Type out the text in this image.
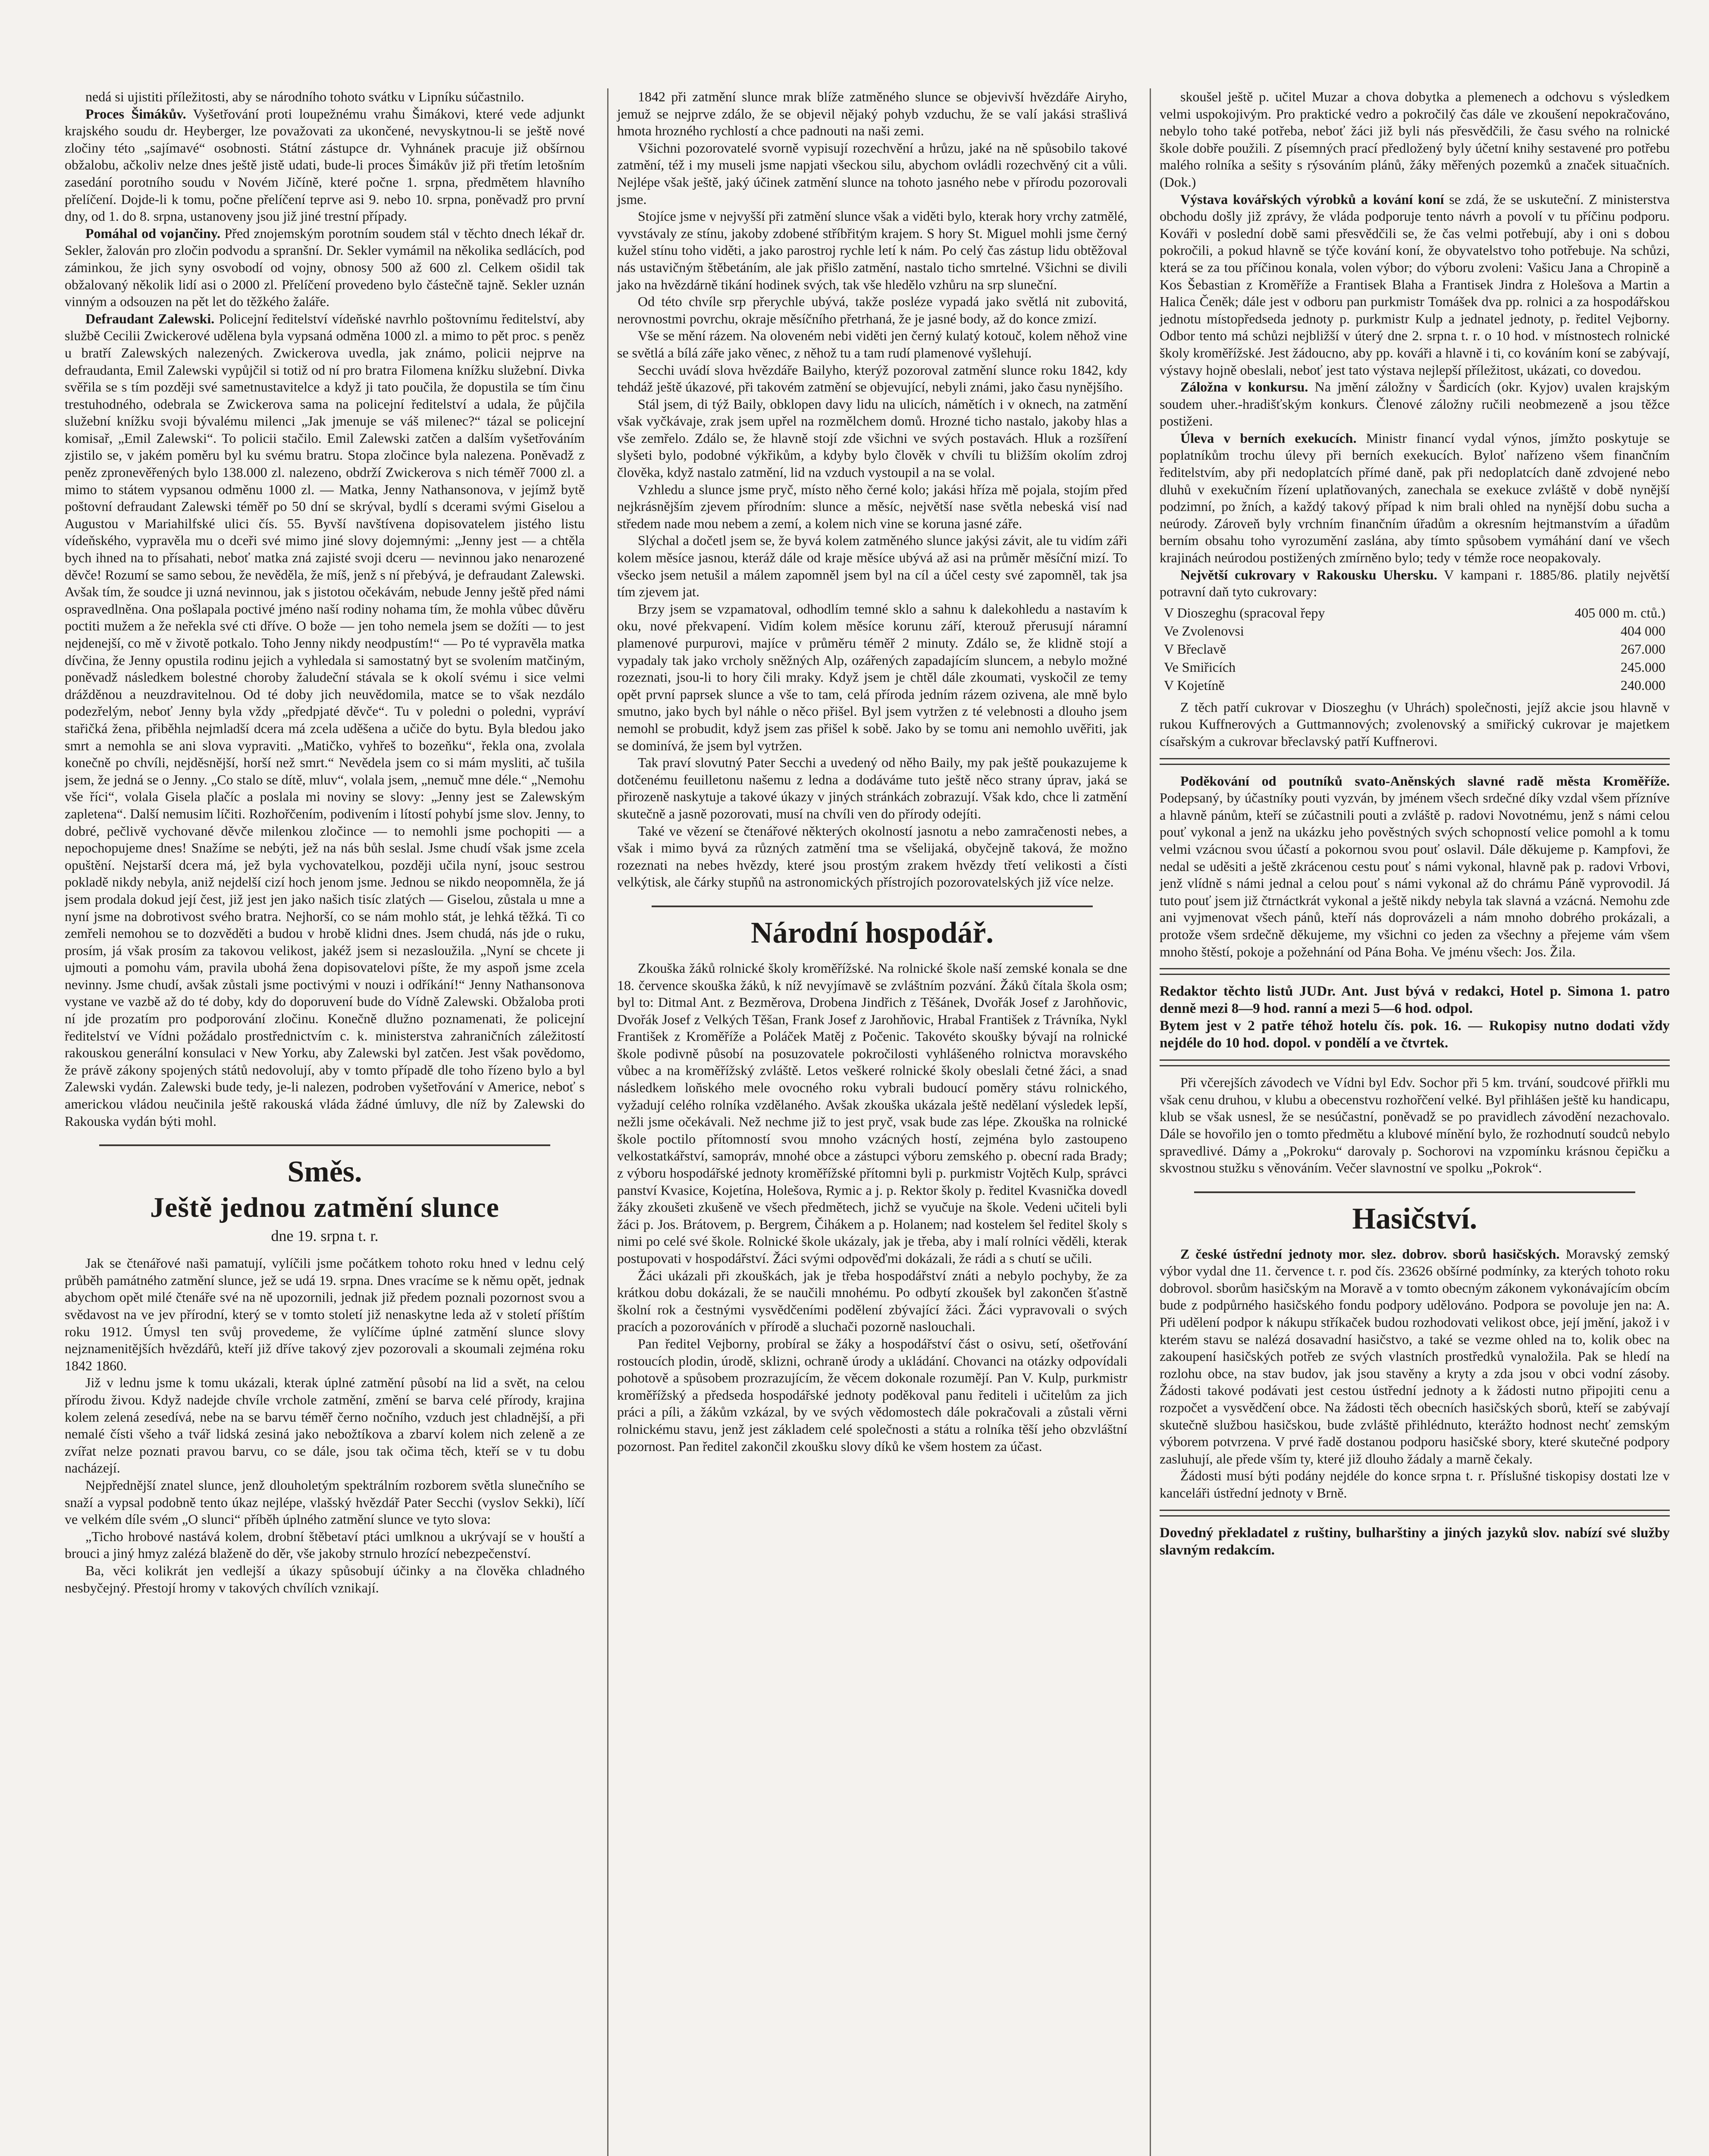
nedá si ujistiti příležitosti, aby se národního tohoto svátku v Lipníku súčastnilo.

Proces Šimákův. Vyšetřování proti loupežnému vrahu Šimákovi, které vede adjunkt krajského soudu dr. Heyberger, lze považovati za ukončené, nevyskytnou-li se ještě nové zločiny této „sajímavé“ osobnosti. Státní zástupce dr. Vyhnánek pracuje již obšírnou obžalobu, ačkoliv nelze dnes ještě jistě udati, bude-li proces Šimákův již při třetím letošním zasedání porotního soudu v Novém Jičíně, které počne 1. srpna, předmětem hlavního přelíčení. Dojde-li k tomu, počne přelíčení teprve asi 9. nebo 10. srpna, poněvadž pro první dny, od 1. do 8. srpna, ustanoveny jsou již jiné trestní případy.

Pomáhal od vojančiny. Před znojemským porotním soudem stál v těchto dnech lékař dr. Sekler, žalován pro zločin podvodu a spranšní. Dr. Sekler vymámil na několika sedlácích, pod záminkou, že jich syny osvobodí od vojny, obnosy 500 až 600 zl. Celkem ošidil tak obžalovaný několik lidí asi o 2000 zl. Přelíčení provedeno bylo částečně tajně. Sekler uznán vinným a odsouzen na pět let do těžkého žaláře.

Defraudant Zalewski. Policejní ředitelství vídeňské navrhlo poštovnímu ředitelství, aby službě Cecilii Zwickerové udělena byla vypsaná odměna 1000 zl. a mimo to pět proc. s peněz u bratří Zalewských nalezených. Zwickerova uvedla, jak známo, policii nejprve na defraudanta, Emil Zalewski vypůjčil si totiž od ní pro bratra Filomena knížku služební. Divka svěřila se s tím později své sametnustavitelce a když ji tato poučila, že dopustila se tím činu trestuhodného, odebrala se Zwickerova sama na policejní ředitelství a udala, že půjčila služební knížku svoji bývalému milenci „Jak jmenuje se váš milenec?“ tázal se policejní komisař, „Emil Zalewski“. To policii stačilo. Emil Zalewski zatčen a dalším vyšetřováním zjistilo se, v jakém poměru byl ku svému bratru. Stopa zločince byla nalezena. Poněvadž z peněz zpronevěřených bylo 138.000 zl. nalezeno, obdrží Zwickerova s nich téměř 7000 zl. a mimo to státem vypsanou odměnu 1000 zl. — Matka, Jenny Nathansonova, v jejímž bytě poštovní defraudant Zalewski téměř po 50 dní se skrýval, bydlí s dcerami svými Giselou a Augustou v Mariahilfské ulici čís. 55. Byvší navštívena dopisovatelem jistého listu vídeňského, vypravěla mu o dceři své mimo jiné slovy dojemnými: „Jenny jest — a chtěla bych ihned na to přísahati, neboť matka zná zajisté svoji dceru — nevinnou jako nenarozené děvče! Rozumí se samo sebou, že nevěděla, že míš, jenž s ní přebývá, je defraudant Zalewski. Avšak tím, že soudce ji uzná nevinnou, jak s jistotou očekávám, nebude Jenny ještě před námi ospravedlněna. Ona pošlapala poctivé jméno naší rodiny nohama tím, že mohla vůbec důvěru poctiti mužem a že neřekla své cti dříve. O bože — jen toho nemela jsem se dožíti — to jest nejdenejší, co mě v životě potkalo. Toho Jenny nikdy neodpustím!“ — Po té vypravěla matka dívčina, že Jenny opustila rodinu jejich a vyhledala si samostatný byt se svolením matčiným, poněvadž následkem bolestné choroby žaludeční stávala se k okolí svému i sice velmi drážděnou a neuzdravitelnou. Od té doby jich neuvědomila, matce se to však nezdálo podezřelým, neboť Jenny byla vždy „předpjaté děvče“. Tu v poledni o poledni, vypráví stařičká žena, přiběhla nejmladší dcera má zcela uděšena a učiče do bytu. Byla bledou jako smrt a nemohla se ani slova vypraviti. „Matičko, vyhřeš to bozeňku“, řekla ona, zvolala konečně po chvíli, nejděsnější, horší než smrt.“ Nevědela jsem co si mám mysliti, ač tušila jsem, že jedná se o Jenny. „Co stalo se dítě, mluv“, volala jsem, „nemuč mne déle.“ „Nemohu vše říci“, volala Gisela plačíc a poslala mi noviny se slovy: „Jenny jest se Zalewským zapletena“. Další nemusim líčiti. Rozhořčením, podivením i lítostí pohybí jsme slov. Jenny, to dobré, pečlivě vychované děvče milenkou zločince — to nemohli jsme pochopiti — a nepochopujeme dnes! Snažíme se nebýti, jež na nás bůh seslal. Jsme chudí však jsme zcela opuštění. Nejstarší dcera má, jež byla vychovatelkou, později učila nyní, jsouc sestrou pokladě nikdy nebyla, aniž nejdelší cizí hoch jenom jsme. Jednou se nikdo neopomněla, že já jsem prodala dokud její čest, již jest jen jako našich tisíc zlatých — Giselou, zůstala u mne a nyní jsme na dobrotivost svého bratra. Nejhorší, co se nám mohlo stát, je lehká těžká. Ti co zemřeli nemohou se to dozvěděti a budou v hrobě klidni dnes. Jsem chudá, nás jde o ruku, prosím, já však prosím za takovou velikost, jakéž jsem si nezasloužila. „Nyní se chcete ji ujmouti a pomohu vám, pravila ubohá žena dopisovatelovi píšte, že my aspoň jsme zcela nevinny. Jsme chudí, avšak zůstali jsme poctivými v nouzi i odříkání!“ Jenny Nathansonova vystane ve vazbě až do té doby, kdy do doporuvení bude do Vídně Zalewski. Obžaloba proti ní jde prozatím pro podporování zločinu. Konečně dlužno poznamenati, že policejní ředitelství ve Vídni požádalo prostřednictvím c. k. ministerstva zahraničních záležitostí rakouskou generální konsulaci v New Yorku, aby Zalewski byl zatčen. Jest však povědomo, že právě zákony spojených států nedovolují, aby v tomto případě dle toho řízeno bylo a byl Zalewski vydán. Zalewski bude tedy, je-li nalezen, podroben vyšetřování v Americe, neboť s americkou vládou neučinila ještě rakouská vláda žádné úmluvy, dle níž by Zalewski do Rakouska vydán býti mohl.

Směs.
Ještě jednou zatmění slunce
dne 19. srpna t. r.

Jak se čtenářové naši pamatují, vylíčili jsme počátkem tohoto roku hned v lednu celý průběh památného zatmění slunce, jež se udá 19. srpna. Dnes vracíme se k němu opět, jednak abychom opět milé čtenáře své na ně upozornili, jednak již předem poznali pozornost svou a svědavost na ve jev přírodní, který se v tomto století již nenaskytne leda až v století příštím roku 1912. Úmysl ten svůj provedeme, že vylíčíme úplné zatmění slunce slovy nejznamenitějších hvězdářů, kteří již dříve takový zjev pozorovali a skoumali zejména roku 1842 1860.

Již v lednu jsme k tomu ukázali, kterak úplné zatmění působí na lid a svět, na celou přírodu živou. Když nadejde chvíle vrchole zatmění, změní se barva celé přírody, krajina kolem zelená zesedívá, nebe na se barvu téměř černo nočního, vzduch jest chladnější, a při nemalé čísti všeho a tvář lidská zesiná jako nebožtíkova a zbarví kolem nich zeleně a ze zvířat nelze poznati pravou barvu, co se dále, jsou tak očima těch, kteří se v tu dobu nacházejí.

Nejpřednější znatel slunce, jenž dlouholetým spektrálním rozborem světla slunečního se snaží a vypsal podobně tento úkaz nejlépe, vlašský hvězdář Pater Secchi (vyslov Sekki), líčí ve velkém díle svém „O slunci“ příběh úplného zatmění slunce ve tyto slova:

„Ticho hrobové nastává kolem, drobní štěbetaví ptáci umlknou a ukrývají se v houští a brouci a jiný hmyz zalézá blaženě do děr, vše jakoby strnulo hrozící nebezpečenství.

Ba, věci kolikrát jen vedlejší a úkazy spůsobují účinky a na člověka chladného nesbyčejný. Přestojí hromy v takových chvílích vznikají.

1842 při zatmění slunce mrak blíže zatměného slunce se objevivší hvězdáře Airyho, jemuž se nejprve zdálo, že se objevil nějaký pohyb vzduchu, že se valí jakási strašlivá hmota hrozného rychlostí a chce padnouti na naši zemi.

Všichni pozorovatelé svorně vypisují rozechvění a hrůzu, jaké na ně spůsobilo takové zatmění, též i my museli jsme napjati všeckou silu, abychom ovládli rozechvěný cit a vůli. Nejlépe však ještě, jaký účinek zatmění slunce na tohoto jasného nebe v přírodu pozorovali jsme.

Stojíce jsme v nejvyšší při zatmění slunce však a viděti bylo, kterak hory vrchy zatmělé, vyvstávaly ze stínu, jakoby zdobené stříbřitým krajem. S hory St. Miguel mohli jsme černý kužel stínu toho viděti, a jako parostroj rychle letí k nám. Po celý čas zástup lidu obtěžoval nás ustavičným štěbetáním, ale jak přišlo zatmění, nastalo ticho smrtelné. Všichni se divili jako na hvězdárně tikání hodinek svých, tak vše hledělo vzhůru na srp sluneční.

Od této chvíle srp přerychle ubývá, takže posléze vypadá jako světlá nit zubovitá, nerovnostmi povrchu, okraje měsíčního přetrhaná, že je jasné body, až do konce zmizí.

Vše se mění rázem. Na oloveném nebi viděti jen černý kulatý kotouč, kolem něhož vine se světlá a bílá záře jako věnec, z něhož tu a tam rudí plamenové vyšlehují.

Secchi uvádí slova hvězdáře Bailyho, kterýž pozoroval zatmění slunce roku 1842, kdy tehdáž ještě úkazové, při takovém zatmění se objevující, nebyli známi, jako času nynějšího.

Stál jsem, di týž Baily, obklopen davy lidu na ulicích, námětích i v oknech, na zatmění však vyčkávaje, zrak jsem upřel na rozmělchem domů. Hrozné ticho nastalo, jakoby hlas a vše zemřelo. Zdálo se, že hlavně stojí zde všichni ve svých postavách. Hluk a rozšíření slyšeti bylo, podobné výkřikům, a kdyby bylo člověk v chvíli tu bližším okolím zdroj člověka, když nastalo zatmění, lid na vzduch vystoupil a na se volal.

Vzhledu a slunce jsme pryč, místo něho černé kolo; jakási hříza mě pojala, stojím před nejkrásnějším zjevem přírodním: slunce a měsíc, největší nase světla nebeská visí nad středem nade mou nebem a zemí, a kolem nich vine se koruna jasné záře.

Slýchal a dočetl jsem se, že byvá kolem zatměného slunce jakýsi závit, ale tu vidím záři kolem měsíce jasnou, kteráž dále od kraje měsíce ubývá až asi na průměr měsíční mizí. To všecko jsem netušil a málem zapomněl jsem byl na cíl a účel cesty své zapomněl, tak jsa tím zjevem jat.

Brzy jsem se vzpamatoval, odhodlím temné sklo a sahnu k dalekohledu a nastavím k oku, nové překvapení. Vidím kolem měsíce korunu září, kterouž přerusují náramní plamenové purpurovi, majíce v průměru téměř 2 minuty. Zdálo se, že klidně stojí a vypadaly tak jako vrcholy sněžných Alp, ozářených zapadajícím sluncem, a nebylo možné rozeznati, jsou-li to hory čili mraky. Když jsem je chtěl dále zkoumati, vyskočil ze temy opět první paprsek slunce a vše to tam, celá příroda jedním rázem ozivena, ale mně bylo smutno, jako bych byl náhle o něco přišel. Byl jsem vytržen z té velebnosti a dlouho jsem nemohl se probudit, když jsem zas přišel k sobě. Jako by se tomu ani nemohlo uvěřiti, jak se dominívá, že jsem byl vytržen.

Tak praví slovutný Pater Secchi a uvedený od něho Baily, my pak ještě poukazujeme k dotčenému feuilletonu našemu z ledna a dodáváme tuto ještě něco strany úprav, jaká se přirozeně naskytuje a takové úkazy v jiných stránkách zobrazují. Však kdo, chce li zatmění skutečně a jasně pozorovati, musí na chvíli ven do přírody odejíti.

Také ve vězení se čtenářové některých okolností jasnotu a nebo zamračenosti nebes, a však i mimo byvá za různých zatmění tma se všelijaká, obyčejně taková, že možno rozeznati na nebes hvězdy, které jsou prostým zrakem hvězdy třetí velikosti a čísti velkýtisk, ale čárky stupňů na astronomických přístrojích pozorovatelských již více nelze.

Národní hospodář.

Zkouška žáků rolnické školy kroměřížské. Na rolnické škole naší zemské konala se dne 18. července skouška žáků, k níž nevyjímavě se zvláštním pozvání. Žáků čítala škola osm; byl to: Ditmal Ant. z Bezměrova, Drobena Jindřich z Těšánek, Dvořák Josef z Jarohňovic, Dvořák Josef z Velkých Těšan, Frank Josef z Jarohňovic, Hrabal František z Trávníka, Nykl František z Kroměříže a Poláček Matěj z Počenic. Takovéto skoušky bývají na rolnické škole podivně působí na posuzovatele pokročilosti vyhlášeného rolnictva moravského vůbec a na kroměřížský zvláště. Letos veškeré rolnické školy obeslali četné žáci, a snad následkem loňského mele ovocného roku vybrali budoucí poměry stávu rolnického, vyžadují celého rolníka vzdělaného. Avšak zkouška ukázala ještě nedělaní výsledek lepší, nežli jsme očekávali. Než nechme již to jest pryč, vsak bude zas lépe. Zkouška na rolnické škole poctilo přítomností svou mnoho vzácných hostí, zejména bylo zastoupeno velkostatkářství, samopráv, mnohé obce a zástupci výboru zemského p. obecní rada Brady; z výboru hospodářské jednoty kroměřížské přítomni byli p. purkmistr Vojtěch Kulp, správci panství Kvasice, Kojetína, Holešova, Rymic a j. p. Rektor školy p. ředitel Kvasnička dovedl žáky zkoušeti zkušeně ve všech předmětech, jichž se vyučuje na škole. Vedeni učiteli byli žáci p. Jos. Brátovem, p. Bergrem, Čihákem a p. Holanem; nad kostelem šel ředitel školy s nimi po celé své škole. Rolnické škole ukázaly, jak je třeba, aby i malí rolníci věděli, kterak postupovati v hospodářství. Žáci svými odpověďmi dokázali, že rádi a s chutí se učili.

Žáci ukázali při zkouškách, jak je třeba hospodářství znáti a nebylo pochyby, že za krátkou dobu dokázali, že se naučili mnohému. Po odbytí zkoušek byl zakončen šťastně školní rok a čestnými vysvědčeními podělení zbývající žáci. Žáci vypravovali o svých pracích a pozorováních v přírodě a sluchači pozorně naslouchali.

Pan ředitel Vejborny, probíral se žáky a hospodářství část o osivu, setí, ošetřování rostoucích plodin, úrodě, sklizni, ochraně úrody a ukládání. Chovanci na otázky odpovídali pohotově a spůsobem prozrazujícím, že věcem dokonale rozumějí. Pan V. Kulp, purkmistr kroměřížský a předseda hospodářské jednoty poděkoval panu řediteli i učitelům za jich práci a píli, a žákům vzkázal, by ve svých vědomostech dále pokračovali a zůstali věrni rolnickému stavu, jenž jest základem celé společnosti a státu a rolníka těší jeho obzvláštní pozornost. Pan ředitel zakončil zkoušku slovy díků ke všem hostem za účast.

skoušel ještě p. učitel Muzar a chova dobytka a plemenech a odchovu s výsledkem velmi uspokojivým. Pro praktické vedro a pokročilý čas dále ve zkoušení nepokračováno, nebylo toho také potřeba, neboť žáci již byli nás přesvědčili, že času svého na rolnické škole dobře použili. Z písemných prací předložený byly účetní knihy sestavené pro potřebu malého rolníka a sešity s rýsováním plánů, žáky měřených pozemků a značek situačních. (Dok.)

Výstava kovářských výrobků a kování koní se zdá, že se uskuteční. Z ministerstva obchodu došly již zprávy, že vláda podporuje tento návrh a povolí v tu příčinu podporu. Kováři v poslední době sami přesvědčili se, že čas velmi potřebují, aby i oni s dobou pokročili, a pokud hlavně se týče kování koní, že obyvatelstvo toho potřebuje. Na schůzi, která se za tou příčinou konala, volen výbor; do výboru zvoleni: Vašicu Jana a Chropině a Kos Šebastian z Kroměříže a Frantisek Blaha a Frantisek Jindra z Holešova a Martin a Halica Čeněk; dále jest v odboru pan purkmistr Tomášek dva pp. rolnici a za hospodářskou jednotu místopředseda jednoty p. purkmistr Kulp a jednatel jednoty, p. ředitel Vejborny. Odbor tento má schůzi nejbližší v úterý dne 2. srpna t. r. o 10 hod. v místnostech rolnické školy kroměřížské. Jest žádoucno, aby pp. kováři a hlavně i ti, co kováním koní se zabývají, výstavy hojně obeslali, neboť jest tato výstava nejlepší příležitost, ukázati, co dovedou.

Záložna v konkursu. Na jmění záložny v Šardicích (okr. Kyjov) uvalen krajským soudem uher.-hradišťským konkurs. Členové záložny ručili neobmezeně a jsou těžce postiženi.

Úleva v berních exekucích. Ministr financí vydal výnos, jímžto poskytuje se poplatníkům trochu úlevy při berních exekucích. Byloť nařízeno všem finančním ředitelstvím, aby při nedoplatcích přímé daně, pak při nedoplatcích daně zdvojené nebo dluhů v exekučním řízení uplatňovaných, zanechala se exekuce zvláště v době nynější podzimní, po žních, a každý takový případ k nim brali ohled na nynější dobu sucha a neúrody. Zároveň byly vrchním finančním úřadům a okresním hejtmanstvím a úřadům berním obsahu toho vyrozumění zaslána, aby tímto spůsobem vymáhání daní ve všech krajinách neúrodou postižených zmírněno bylo; tedy v témže roce neopakovaly.

Největší cukrovary v Rakousku Uhersku. V kampani r. 1885/86. platily největší potravní daň tyto cukrovary:

V Dioszeghu (spracoval řepy	405 000 m. ctů.)
Ve Zvolenovsi	404 000
V Břeclavě	267.000
Ve Smiřicích	245.000
V Kojetíně	240.000

Z těch patří cukrovar v Dioszeghu (v Uhrách) společnosti, jejíž akcie jsou hlavně v rukou Kuffnerových a Guttmannových; zvolenovský a smiřický cukrovar je majetkem císařským a cukrovar břeclavský patří Kuffnerovi.

Poděkování od poutníků svato-Aněnských slavné radě města Kroměříže. Podepsaný, by účastníky pouti vyzván, by jménem všech srdečné díky vzdal všem přízníve a hlavně pánům, kteří se zúčastnili pouti a zvláště p. radovi Novotnému, jenž s námi celou pouť vykonal a jenž na ukázku jeho pověstných svých schopností velice pomohl a k tomu velmi vzácnou svou účastí a pokornou svou pouť oslavil. Dále děkujeme p. Kampfovi, že nedal se uděsiti a ještě zkrácenou cestu pouť s námi vykonal, hlavně pak p. radovi Vrbovi, jenž vlídně s námi jednal a celou pouť s námi vykonal až do chrámu Páně vyprovodil. Já tuto pouť jsem již čtrnáctkrát vykonal a ještě nikdy nebyla tak slavná a vzácná. Nemohu zde ani vyjmenovat všech pánů, kteří nás doprovázeli a nám mnoho dobrého prokázali, a protože všem srdečně děkujeme, my všichni co jeden za všechny a přejeme vám všem mnoho štěstí, pokoje a požehnání od Pána Boha. Ve jménu všech: Jos. Žila.

Redaktor těchto listů JUDr. Ant. Just bývá v redakci, Hotel p. Simona 1. patro denně mezi 8—9 hod. ranní a mezi 5—6 hod. odpol.

Bytem jest v 2 patře téhož hotelu čís. pok. 16. — Rukopisy nutno dodati vždy nejdéle do 10 hod. dopol. v pondělí a ve čtvrtek.

Při včerejších závodech ve Vídni byl Edv. Sochor při 5 km. trvání, soudcové přiřkli mu však cenu druhou, v klubu a obecenstvu rozhořčení velké. Byl přihlášen ještě ku handicapu, klub se však usnesl, že se nesúčastní, poněvadž se po pravidlech závodění nezachovalo. Dále se hovořilo jen o tomto předmětu a klubové mínění bylo, že rozhodnutí soudců nebylo spravedlivé. Dámy a „Pokroku“ darovaly p. Sochorovi na vzpomínku krásnou čepičku a skvostnou stužku s věnováním. Večer slavnostní ve spolku „Pokrok“.

Hasičství.

Z české ústřední jednoty mor. slez. dobrov. sborů hasičských. Moravský zemský výbor vydal dne 11. července t. r. pod čís. 23626 obšírné podmínky, za kterých tohoto roku dobrovol. sborům hasičským na Moravě a v tomto obecným zákonem vykonávajícím obcím bude z podpůrného hasičského fondu podpory udělováno. Podpora se povoluje jen na: A. Při udělení podpor k nákupu stříkaček budou rozhodovati velikost obce, její jmění, jakož i v kterém stavu se nalézá dosavadní hasičstvo, a také se vezme ohled na to, kolik obec na zakoupení hasičských potřeb ze svých vlastních prostředků vynaložila. Pak se hledí na rozlohu obce, na stav budov, jak jsou stavěny a kryty a zda jsou v obci vodní zásoby. Žádosti takové podávati jest cestou ústřední jednoty a k žádosti nutno připojiti cenu a rozpočet a vysvědčení obce. Na žádosti těch obecních hasičských sborů, kteří se zabývají skutečně službou hasičskou, bude zvláště přihlédnuto, kterážto hodnost nechť zemským výborem potvrzena. V prvé řadě dostanou podporu hasičské sbory, které skutečné podpory zasluhují, ale přede vším ty, které již dlouho žádaly a marně čekaly.

Žádosti musí býti podány nejdéle do konce srpna t. r. Příslušné tiskopisy dostati lze v kanceláři ústřední jednoty v Brně.

Dovedný překladatel z ruštiny, bulharštiny a jiných jazyků slov. nabízí své služby slavným redakcím.
